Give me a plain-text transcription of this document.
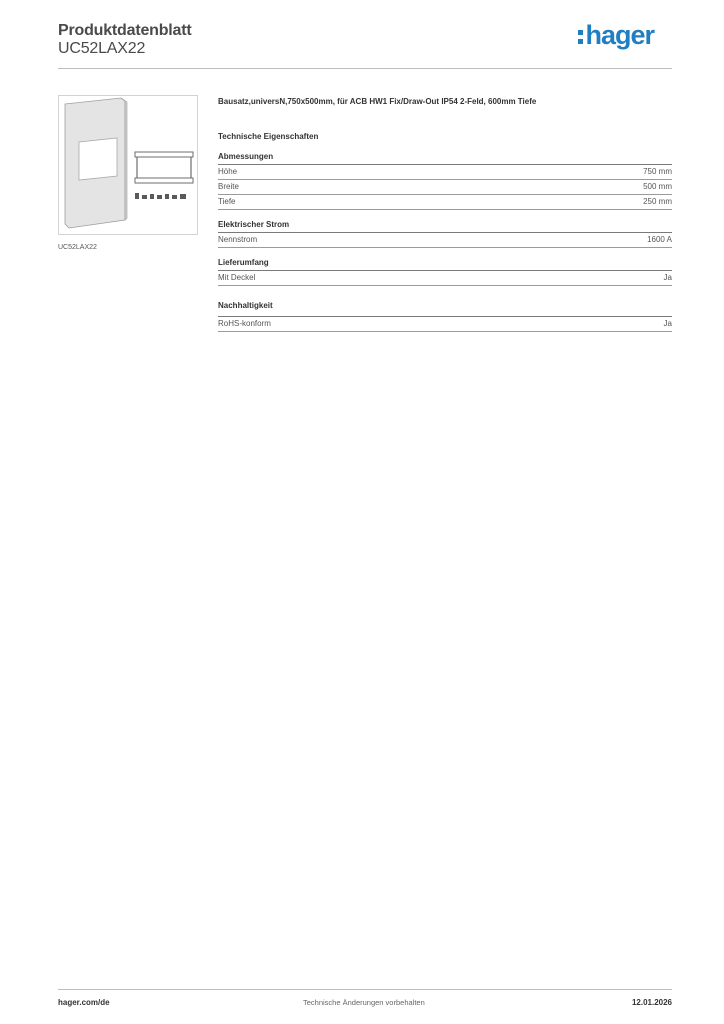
Produktdatenblatt
UC52LAX22	hager
UC52LAX22
Bausatz,universN,750x500mm, für ACB HW1 Fix/Draw-Out IP54 2-Feld, 600mm Tiefe
Technische Eigenschaften
Abmessungen
Höhe	750 mm
Breite	500 mm
Tiefe	250 mm
Elektrischer Strom
Nennstrom	1600 A
Lieferumfang
Mit Deckel	Ja
Nachhaltigkeit
RoHS-konform	Ja
hager.com/de	Technische Änderungen vorbehalten	12.01.2026
